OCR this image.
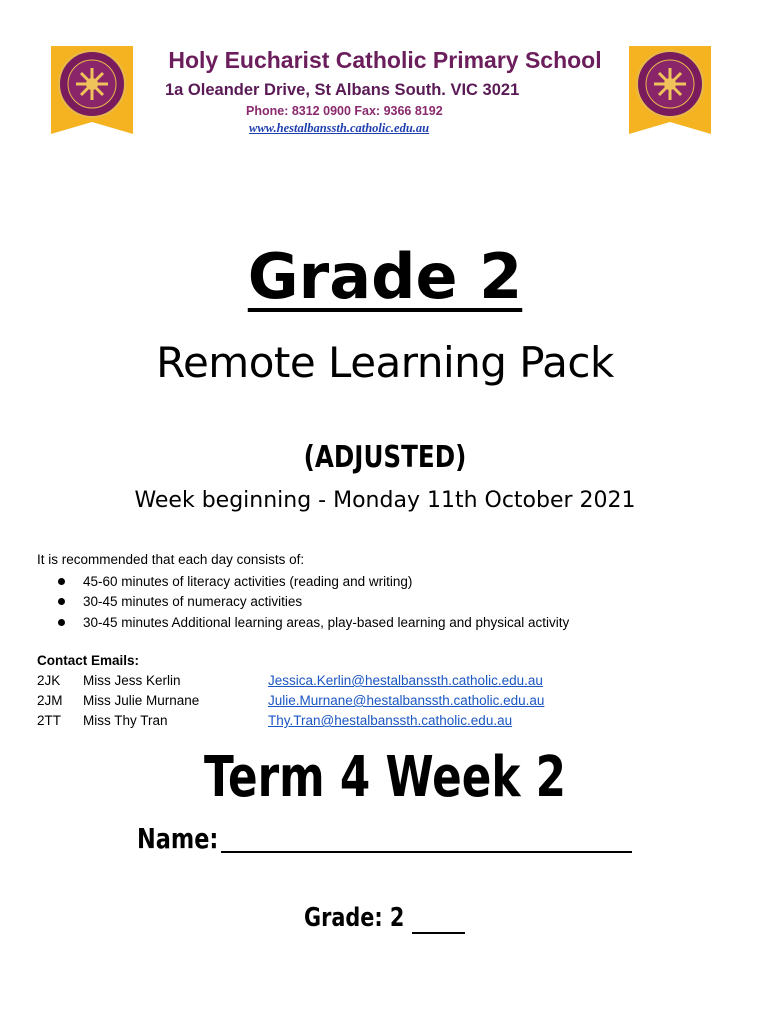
Holy Eucharist Catholic Primary School
1a Oleander Drive, St Albans South. VIC 3021
Phone: 8312 0900 Fax: 9366 8192
www.hestalbanssth.catholic.edu.au
Grade 2
Remote Learning Pack
(ADJUSTED)
Week beginning - Monday 11th October 2021
It is recommended that each day consists of:
45-60 minutes of literacy activities (reading and writing)
30-45 minutes of numeracy activities
30-45 minutes Additional learning areas, play-based learning and physical activity
Contact Emails:
2JK Miss Jess Kerlin	Jessica.Kerlin@hestalbanssth.catholic.edu.au
2JM Miss Julie Murnane	Julie.Murnane@hestalbanssth.catholic.edu.au
2TT Miss Thy Tran	Thy.Tran@hestalbanssth.catholic.edu.au
Term 4 Week 2
Name:
Grade: 2
